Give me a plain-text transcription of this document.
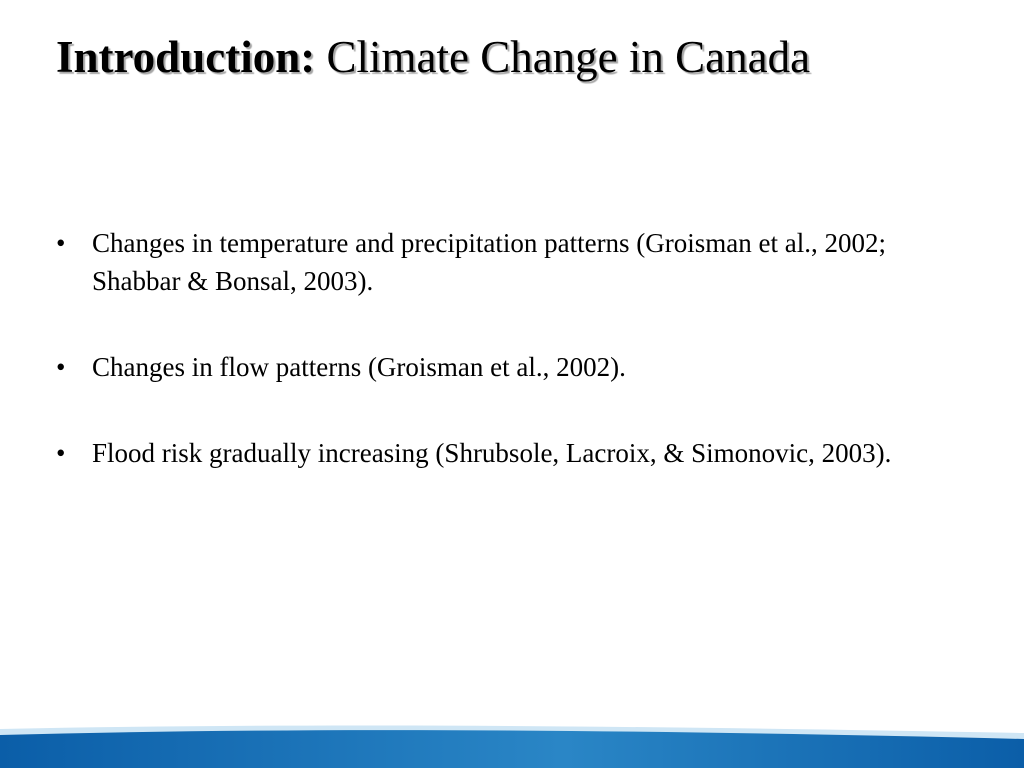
Introduction: Climate Change in Canada
• Changes in temperature and precipitation patterns (Groisman et al., 2002; Shabbar & Bonsal, 2003).
• Changes in flow patterns (Groisman et al., 2002).
• Flood risk gradually increasing (Shrubsole, Lacroix, & Simonovic, 2003).
